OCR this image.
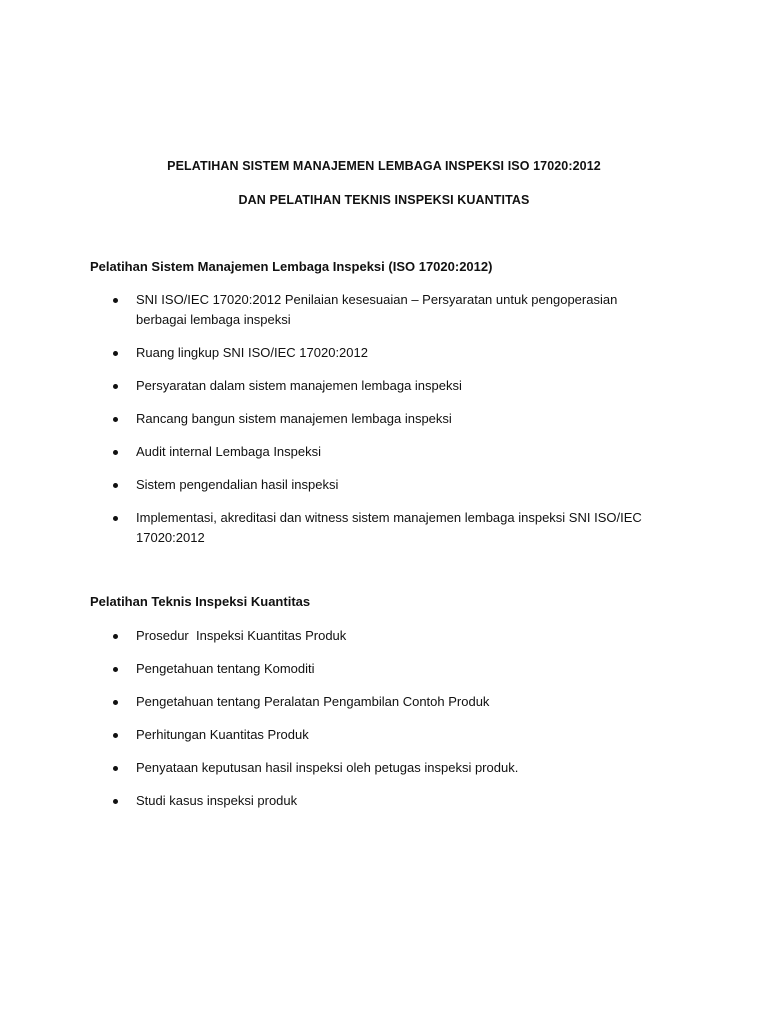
PELATIHAN SISTEM MANAJEMEN LEMBAGA INSPEKSI ISO 17020:2012
DAN PELATIHAN TEKNIS INSPEKSI KUANTITAS
Pelatihan Sistem Manajemen Lembaga Inspeksi (ISO 17020:2012)
SNI ISO/IEC 17020:2012 Penilaian kesesuaian – Persyaratan untuk pengoperasian berbagai lembaga inspeksi
Ruang lingkup SNI ISO/IEC 17020:2012
Persyaratan dalam sistem manajemen lembaga inspeksi
Rancang bangun sistem manajemen lembaga inspeksi
Audit internal Lembaga Inspeksi
Sistem pengendalian hasil inspeksi
Implementasi, akreditasi dan witness sistem manajemen lembaga inspeksi SNI ISO/IEC 17020:2012
Pelatihan Teknis Inspeksi Kuantitas
Prosedur  Inspeksi Kuantitas Produk
Pengetahuan tentang Komoditi
Pengetahuan tentang Peralatan Pengambilan Contoh Produk
Perhitungan Kuantitas Produk
Penyataan keputusan hasil inspeksi oleh petugas inspeksi produk.
Studi kasus inspeksi produk
